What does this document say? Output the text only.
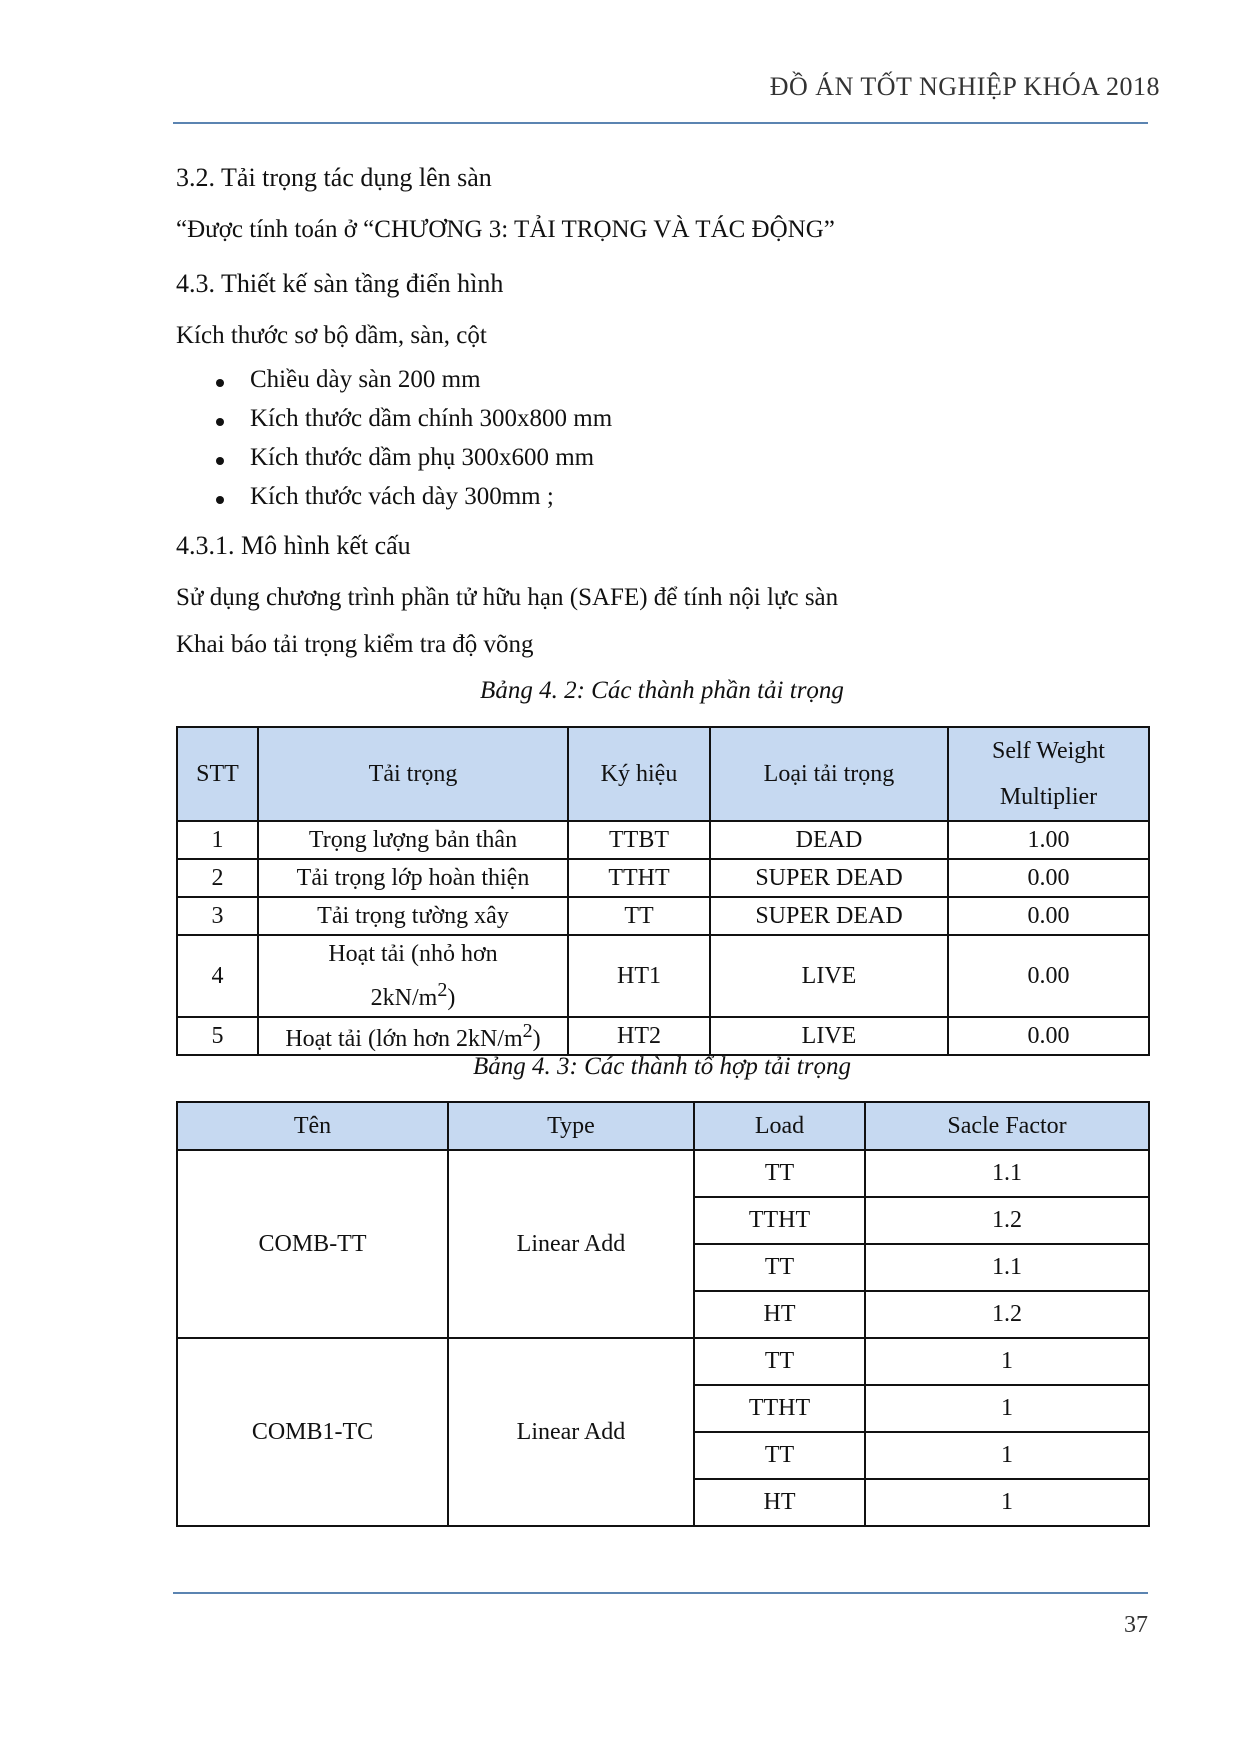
ĐỒ ÁN TỐT NGHIỆP KHÓA 2018
3.2. Tải trọng tác dụng lên sàn
“Được tính toán ở “CHƯƠNG 3: TẢI TRỌNG VÀ TÁC ĐỘNG”
4.3. Thiết kế sàn tầng điển hình
Kích thước sơ bộ dầm, sàn, cột
Chiều dày sàn 200 mm
Kích thước dầm chính 300x800 mm
Kích thước dầm phụ 300x600 mm
Kích thước vách dày 300mm ;
4.3.1. Mô hình kết cấu
Sử dụng chương trình phần tử hữu hạn (SAFE) để tính nội lực sàn
Khai báo tải trọng kiểm tra độ võng
Bảng 4. 2: Các thành phần tải trọng
STT	Tải trọng	Ký hiệu	Loại tải trọng	Self Weight
Multiplier
1	Trọng lượng bản thân	TTBT	DEAD	1.00
2	Tải trọng lớp hoàn thiện	TTHT	SUPER DEAD	0.00
3	Tải trọng tường xây	TT	SUPER DEAD	0.00
4	Hoạt tải (nhỏ hơn
$2kN/m^2$)	HT1	LIVE	0.00
5	Hoạt tải (lớn hơn $2kN/m^2$)	HT2	LIVE	0.00
Bảng 4. 3: Các thành tổ hợp tải trọng
Tên	Type	Load	Sacle Factor
COMB-TT	Linear Add	TT	1.1
		TTHT	1.2
		TT	1.1
		HT	1.2
COMB1-TC	Linear Add	TT	1
		TTHT	1
		TT	1
		HT	1
37
